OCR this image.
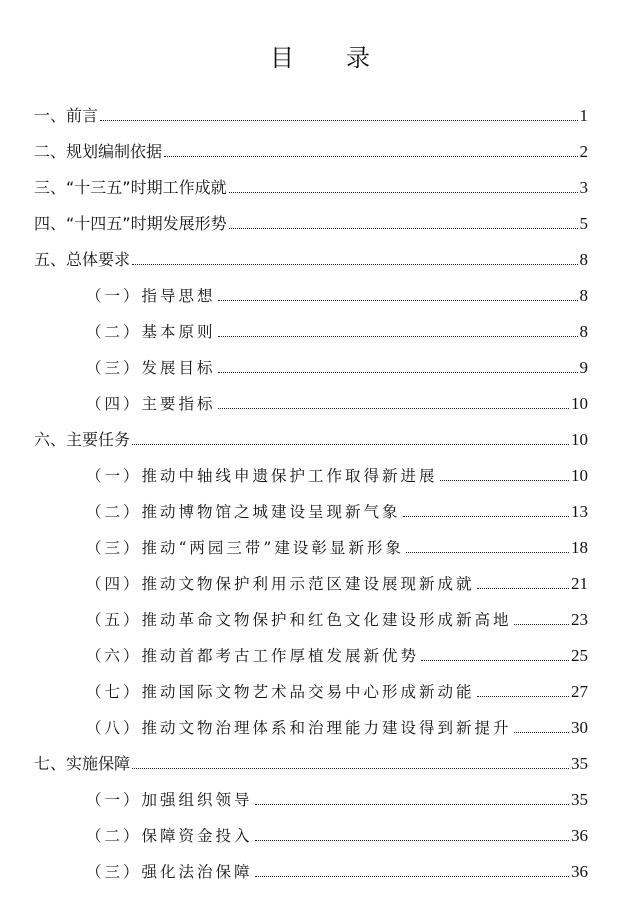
目 录
一、前言	1
二、规划编制依据	2
三、“十三五”时期工作成就	3
四、“十四五”时期发展形势	5
五、总体要求	8
（一）指导思想	8
（二）基本原则	8
（三）发展目标	9
（四）主要指标	10
六、主要任务	10
（一）推动中轴线申遗保护工作取得新进展	10
（二）推动博物馆之城建设呈现新气象	13
（三）推动“两园三带”建设彰显新形象	18
（四）推动文物保护利用示范区建设展现新成就	21
（五）推动革命文物保护和红色文化建设形成新高地	23
（六）推动首都考古工作厚植发展新优势	25
（七）推动国际文物艺术品交易中心形成新动能	27
（八）推动文物治理体系和治理能力建设得到新提升	30
七、实施保障	35
（一）加强组织领导	35
（二）保障资金投入	36
（三）强化法治保障	36
